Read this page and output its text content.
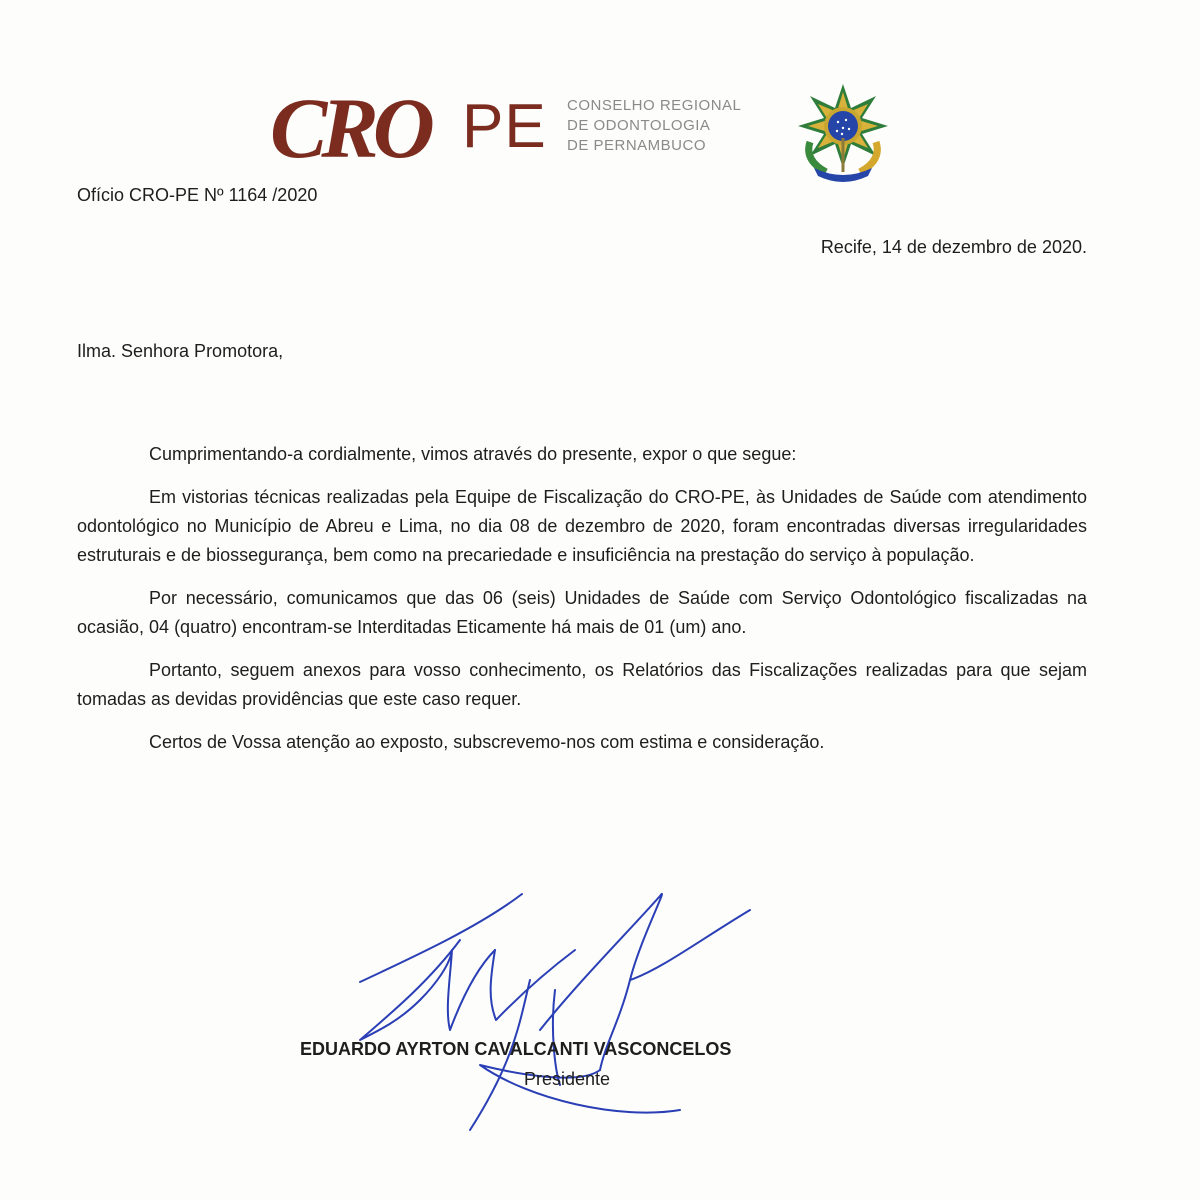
CRO PE CONSELHO REGIONAL
DE ODONTOLOGIA
DE PERNAMBUCO
Ofício CRO-PE Nº 1164 /2020
Recife, 14 de dezembro de 2020.
Ilma. Senhora Promotora,

Cumprimentando-a cordialmente, vimos através do presente, expor o que segue:

Em vistorias técnicas realizadas pela Equipe de Fiscalização do CRO-PE, às Unidades de Saúde com atendimento odontológico no Município de Abreu e Lima, no dia 08 de dezembro de 2020, foram encontradas diversas irregularidades estruturais e de biossegurança, bem como na precariedade e insuficiência na prestação do serviço à população.

Por necessário, comunicamos que das 06 (seis) Unidades de Saúde com Serviço Odontológico fiscalizadas na ocasião, 04 (quatro) encontram-se Interditadas Eticamente há mais de 01 (um) ano.

Portanto, seguem anexos para vosso conhecimento, os Relatórios das Fiscalizações realizadas para que sejam tomadas as devidas providências que este caso requer.

Certos de Vossa atenção ao exposto, subscrevemo-nos com estima e consideração.

EDUARDO AYRTON CAVALCANTI VASCONCELOS
Presidente
